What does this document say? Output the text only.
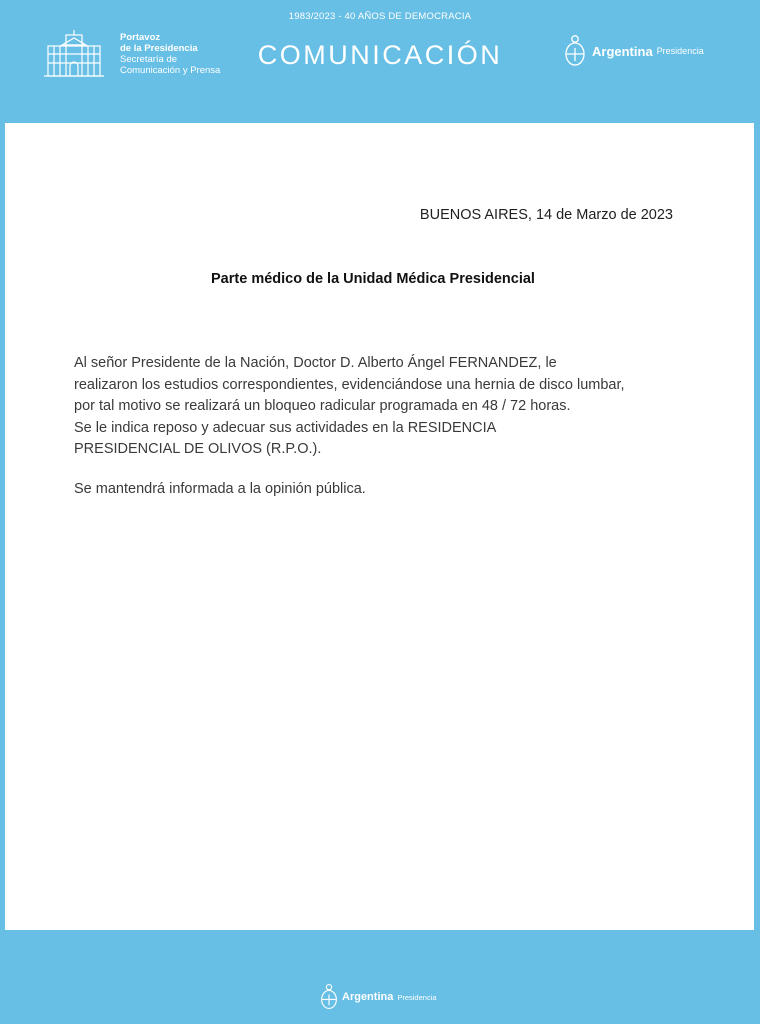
1983/2023 - 40 AÑOS DE DEMOCRACIA
Portavoz
de la Presidencia
Secretaría de
Comunicación y Prensa
COMUNICACIÓN	Argentina Presidencia
BUENOS AIRES, 14 de Marzo de 2023
Parte médico de la Unidad Médica Presidencial
Al señor Presidente de la Nación, Doctor D. Alberto Ángel FERNANDEZ, le
realizaron los estudios correspondientes, evidenciándose una hernia de disco lumbar,
por tal motivo se realizará un bloqueo radicular programada en 48 / 72 horas.
Se le indica reposo y adecuar sus actividades en la RESIDENCIA
PRESIDENCIAL DE OLIVOS (R.P.O.).
Se mantendrá informada a la opinión pública.
Argentina Presidencia
